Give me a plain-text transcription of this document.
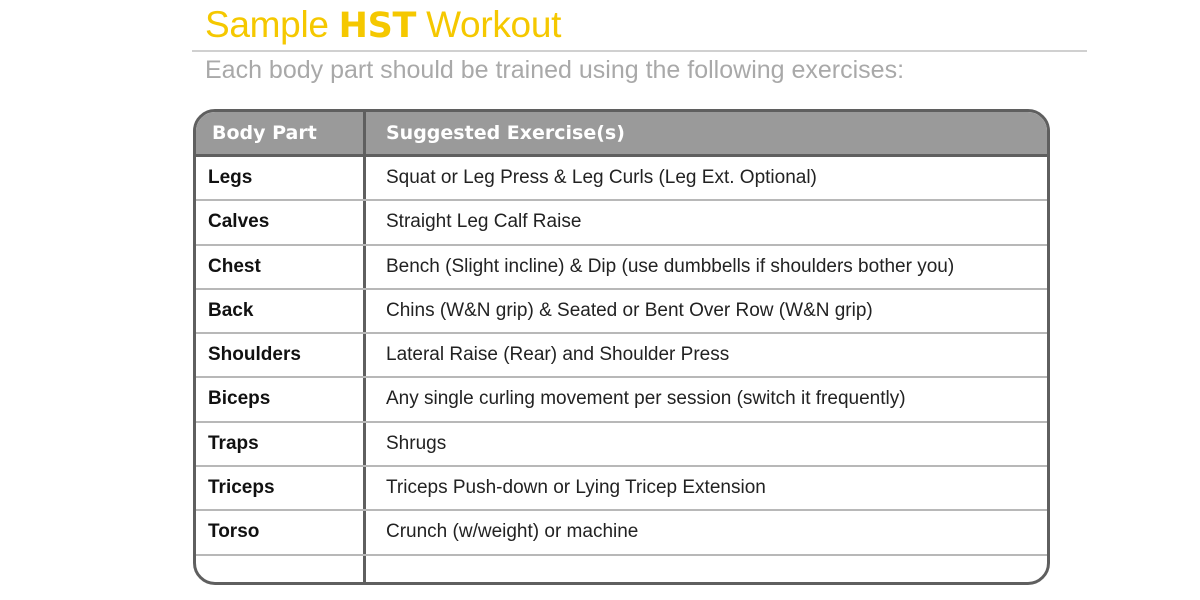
Sample HST Workout
Each body part should be trained using the following exercises:
Body Part	Suggested Exercise(s)
Legs	Squat or Leg Press & Leg Curls (Leg Ext. Optional)
Calves	Straight Leg Calf Raise
Chest	Bench (Slight incline) & Dip (use dumbbells if shoulders bother you)
Back	Chins (W&N grip) & Seated or Bent Over Row (W&N grip)
Shoulders	Lateral Raise (Rear) and Shoulder Press
Biceps	Any single curling movement per session (switch it frequently)
Traps	Shrugs
Triceps	Triceps Push-down or Lying Tricep Extension
Torso	Crunch (w/weight) or machine
